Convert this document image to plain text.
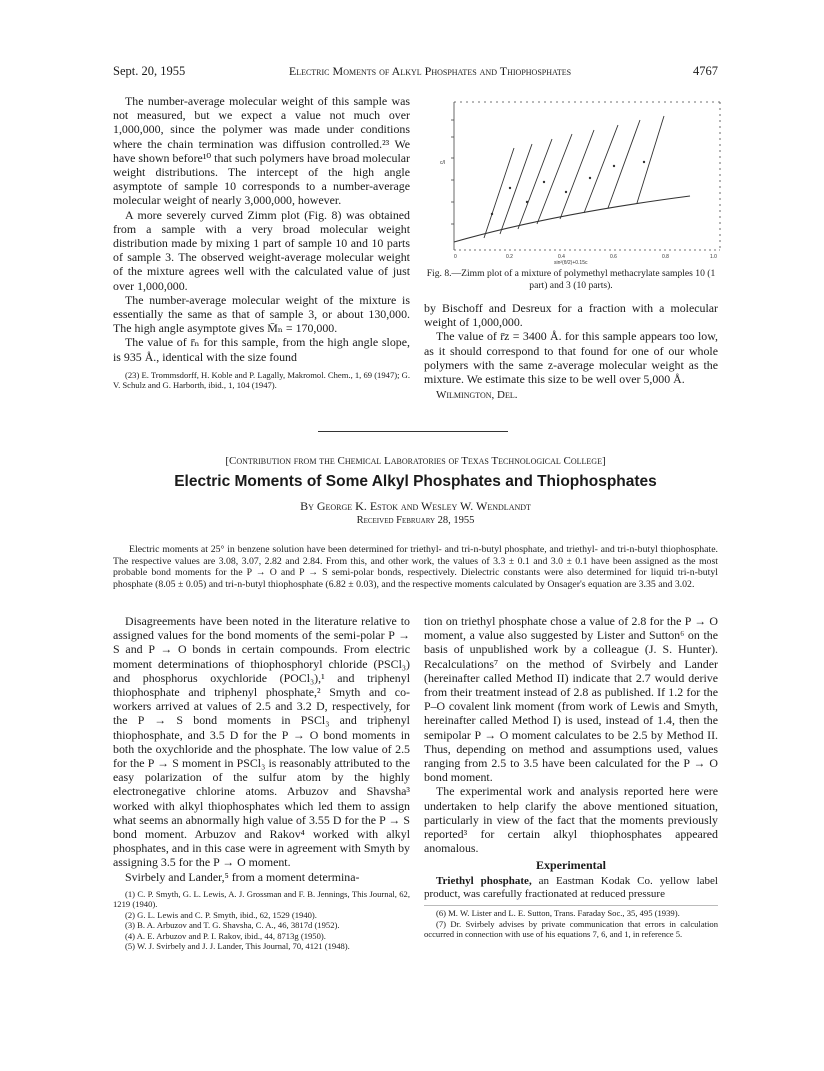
Sept. 20, 1955	Electric Moments of Alkyl Phosphates and Thiophosphates	4767

The number-average molecular weight of this sample was not measured, but we expect a value not much over 1,000,000, since the polymer was made under conditions where the chain termination was diffusion controlled.²³ We have shown before¹⁰ that such polymers have broad molecular weight distributions. The intercept of the high angle asymptote of sample 10 corresponds to a number-average molecular weight of nearly 3,000,000, however.

A more severely curved Zimm plot (Fig. 8) was obtained from a sample with a very broad molecular weight distribution made by mixing 1 part of sample 10 and 10 parts of sample 3. The observed weight-average molecular weight of the mixture agrees well with the calculated value of just over 1,000,000.

The number-average molecular weight of the mixture is essentially the same as that of sample 3, or about 130,000. The high angle asymptote gives M̄ₙ = 170,000.

The value of r̄ₙ for this sample, from the high angle slope, is 935 Å., identical with the size found

(23) E. Trommsdorff, H. Koble and P. Lagally, Makromol. Chem., 1, 69 (1947); G. V. Schulz and G. Harborth, ibid., 1, 104 (1947).

c/I
0	0.2	0.4	0.6	0.8	1.0
sin²(θ/2)+0.15c
Fig. 8.—Zimm plot of a mixture of polymethyl methacrylate samples 10 (1 part) and 3 (10 parts).

by Bischoff and Desreux for a fraction with a molecular weight of 1,000,000.

The value of r̄z = 3400 Å. for this sample appears too low, as it should correspond to that found for one of our whole polymers with the same z-average molecular weight as the mixture. We estimate this size to be well over 5,000 Å.

Wilmington, Del.

[Contribution from the Chemical Laboratories of Texas Technological College]
Electric Moments of Some Alkyl Phosphates and Thiophosphates
By George K. Estok and Wesley W. Wendlandt
Received February 28, 1955
Electric moments at 25° in benzene solution have been determined for triethyl- and tri-n-butyl phosphate, and triethyl- and tri-n-butyl thiophosphate. The respective values are 3.08, 3.07, 2.82 and 2.84. From this, and other work, the values of 3.3 ± 0.1 and 3.0 ± 0.1 have been assigned as the most probable bond moments for the P → O and P → S semi-polar bonds, respectively. Dielectric constants were also determined for liquid tri-n-butyl phosphate (8.05 ± 0.05) and tri-n-butyl thiophosphate (6.82 ± 0.03), and the respective moments calculated by Onsager's equation are 3.35 and 3.02.

Disagreements have been noted in the literature relative to assigned values for the bond moments of the semi-polar P → S and P → O bonds in certain compounds. From electric moment determinations of thiophosphoryl chloride (PSCl₃) and phosphorus oxychloride (POCl₃),¹ and triphenyl thiophosphate and triphenyl phosphate,² Smyth and co-workers arrived at values of 2.5 and 3.2 D, respectively, for the P → S bond moments in PSCl₃ and triphenyl thiophosphate, and 3.5 D for the P → O bond moments in both the oxychloride and the phosphate. The low value of 2.5 for the P → S moment in PSCl₃ is reasonably attributed to the easy polarization of the sulfur atom by the highly electronegative chlorine atoms. Arbuzov and Shavsha³ worked with alkyl thiophosphates which led them to assign what seems an abnormally high value of 3.55 D for the P → S bond moment. Arbuzov and Rakov⁴ worked with alkyl phosphates, and in this case were in agreement with Smyth by assigning 3.5 for the P → O moment.

Svirbely and Lander,⁵ from a moment determina-

(1) C. P. Smyth, G. L. Lewis, A. J. Grossman and F. B. Jennings, This Journal, 62, 1219 (1940).

(2) G. L. Lewis and C. P. Smyth, ibid., 62, 1529 (1940).

(3) B. A. Arbuzov and T. G. Shavsha, C. A., 46, 3817d (1952).

(4) A. E. Arbuzov and P. I. Rakov, ibid., 44, 8713g (1950).

(5) W. J. Svirbely and J. J. Lander, This Journal, 70, 4121 (1948).

tion on triethyl phosphate chose a value of 2.8 for the P → O moment, a value also suggested by Lister and Sutton⁶ on the basis of unpublished work by a colleague (J. S. Hunter). Recalculations⁷ on the method of Svirbely and Lander (hereinafter called Method II) indicate that 2.7 would derive from their treatment instead of 2.8 as published. If 1.2 for the P–O covalent link moment (from work of Lewis and Smyth, hereinafter called Method I) is used, instead of 1.4, then the semipolar P → O moment calculates to be 2.5 by Method II. Thus, depending on method and assumptions used, values ranging from 2.5 to 3.5 have been calculated for the P → O bond moment.

The experimental work and analysis reported here were undertaken to help clarify the above mentioned situation, particularly in view of the fact that the moments previously reported³ for certain alkyl thiophosphates appeared anomalous.

Experimental

Triethyl phosphate, an Eastman Kodak Co. yellow label product, was carefully fractionated at reduced pressure

(6) M. W. Lister and L. E. Sutton, Trans. Faraday Soc., 35, 495 (1939).

(7) Dr. Svirbely advises by private communication that errors in calculation occurred in connection with use of his equations 7, 6, and 1, in reference 5.
